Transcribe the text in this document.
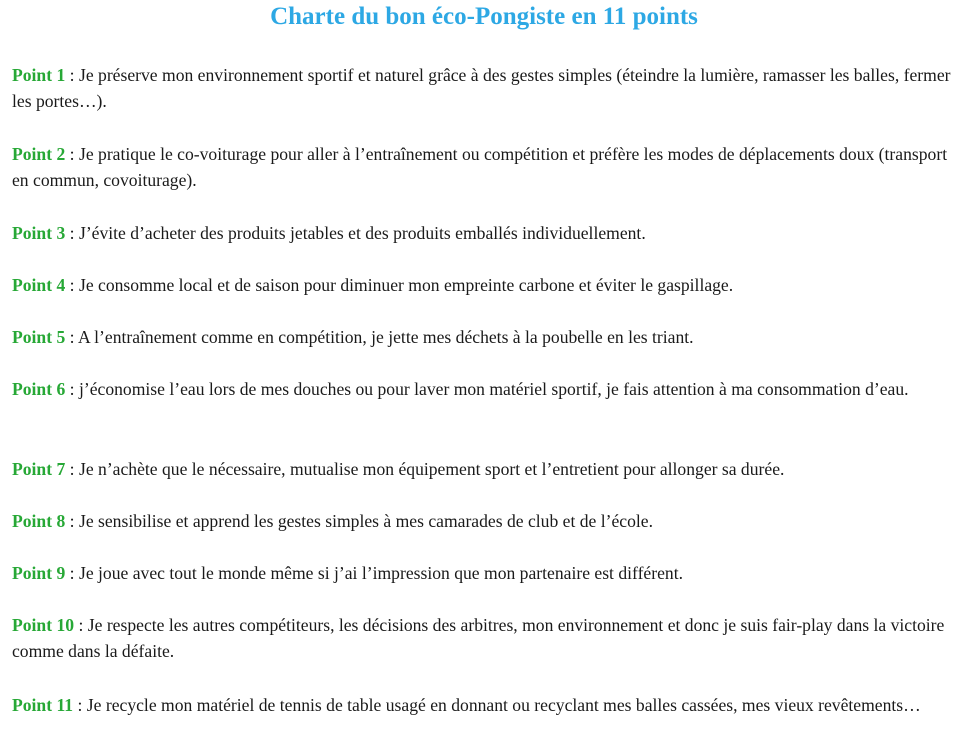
Charte du bon éco-Pongiste en 11 points

Point 1 : Je préserve mon environnement sportif et naturel grâce à des gestes simples (éteindre la lumière, ramasser les balles, fermer les portes…).

Point 2 : Je pratique le co-voiturage pour aller à l’entraînement ou compétition et préfère les modes de déplacements doux (transport en commun, covoiturage).

Point 3 : J’évite d’acheter des produits jetables et des produits emballés individuellement.

Point 4 : Je consomme local et de saison pour diminuer mon empreinte carbone et éviter le gaspillage.

Point 5 : A l’entraînement comme en compétition, je jette mes déchets à la poubelle en les triant.

Point 6 : j’économise l’eau lors de mes douches ou pour laver mon matériel sportif, je fais attention à ma consommation d’eau.

Point 7 : Je n’achète que le nécessaire, mutualise mon équipement sport et l’entretient pour allonger sa durée.

Point 8 : Je sensibilise et apprend les gestes simples à mes camarades de club et de l’école.

Point 9 : Je joue avec tout le monde même si j’ai l’impression que mon partenaire est différent.

Point 10 : Je respecte les autres compétiteurs, les décisions des arbitres, mon environnement et donc je suis fair-play dans la victoire comme dans la défaite.

Point 11 : Je recycle mon matériel de tennis de table usagé en donnant ou recyclant mes balles cassées, mes vieux revêtements…
